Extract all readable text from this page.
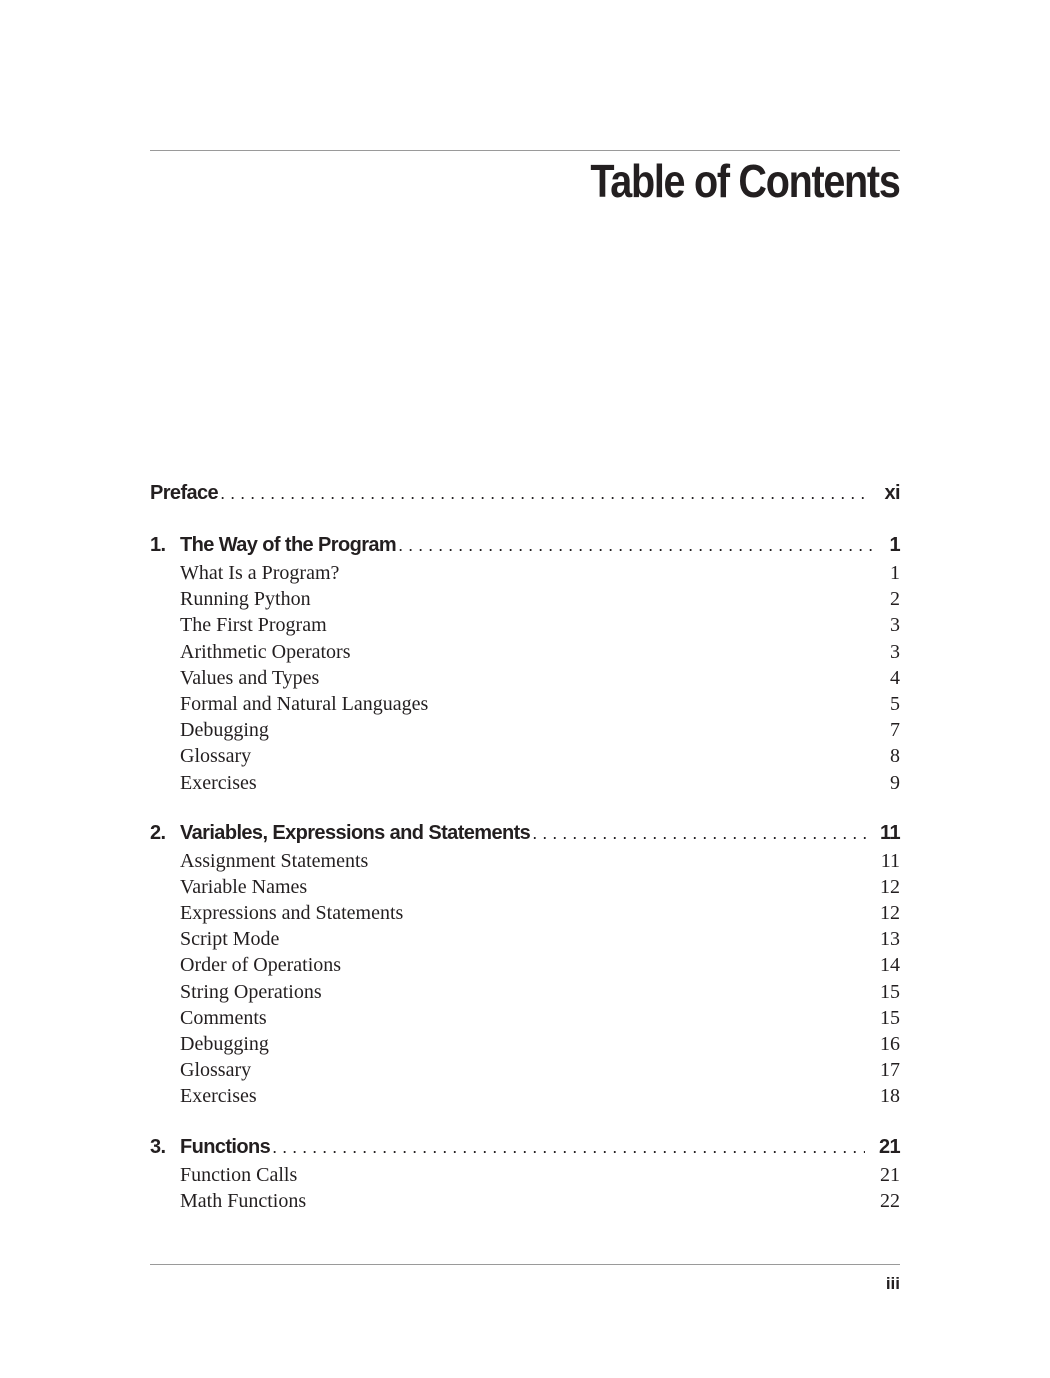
Table of Contents
Preface . . .	xi
1. The Way of the Program . . .	1
What Is a Program?	1
Running Python	2
The First Program	3
Arithmetic Operators	3
Values and Types	4
Formal and Natural Languages	5
Debugging	7
Glossary	8
Exercises	9
2. Variables, Expressions and Statements . . .	11
Assignment Statements	11
Variable Names	12
Expressions and Statements	12
Script Mode	13
Order of Operations	14
String Operations	15
Comments	15
Debugging	16
Glossary	17
Exercises	18
3. Functions . . .	21
Function Calls	21
Math Functions	22
iii
